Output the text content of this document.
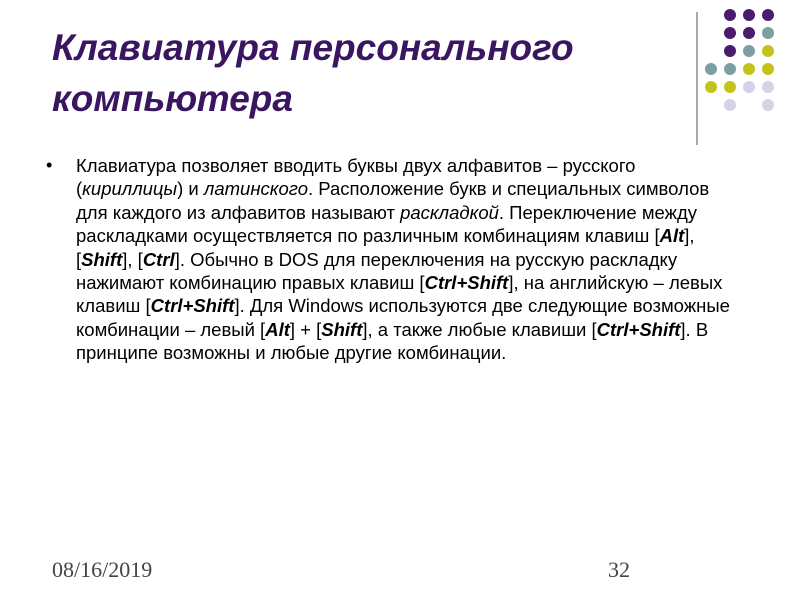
Клавиатура персонального
компьютера
• Клавиатура позволяет вводить буквы двух алфавитов – русского (кириллицы) и латинского. Расположение букв и специальных символов для каждого из алфавитов называют раскладкой. Переключение между раскладками осуществляется по различным комбинациям клавиш [Alt], [Shift], [Ctrl]. Обычно в DOS для переключения на русскую раскладку нажимают комбинацию правых клавиш [Ctrl+Shift], на английскую – левых клавиш [Ctrl+Shift]. Для Windows используются две следующие возможные комбинации – левый [Alt] + [Shift], а также любые клавиши [Ctrl+Shift]. В принципе возможны и любые другие комбинации.

08/16/2019	32
